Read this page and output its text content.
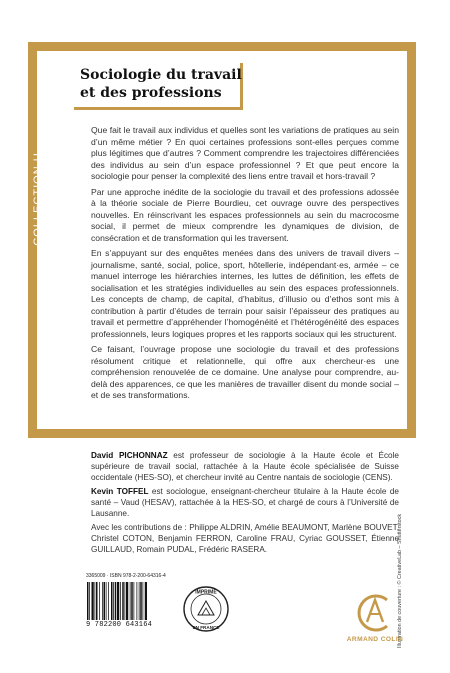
COLLECTION U
Sociologie du travail
et des professions

Que fait le travail aux individus et quelles sont les variations de pratiques au sein d’un même métier ? En quoi certaines professions sont-elles perçues comme plus légitimes que d’autres ? Comment comprendre les trajectoires différenciées des individus au sein d’un espace professionnel ? Et que peut encore la sociologie pour penser la complexité des liens entre travail et hors-travail ?

Par une approche inédite de la sociologie du travail et des professions adossée à la théorie sociale de Pierre Bourdieu, cet ouvrage ouvre des perspectives nouvelles. En réinscrivant les espaces professionnels au sein du macrocosme social, il permet de mieux comprendre les dynamiques de division, de consécration et de transformation qui les traversent.

En s’appuyant sur des enquêtes menées dans des univers de travail divers – journalisme, santé, social, police, sport, hôtellerie, indépendant·es, armée – ce manuel interroge les hiérarchies internes, les luttes de définition, les effets de socialisation et les stratégies individuelles au sein des espaces professionnels. Les concepts de champ, de capital, d’habitus, d’illusio ou d’ethos sont mis à contribution à partir d’études de terrain pour saisir l’épaisseur des pratiques au travail et permettre d’appréhender l’homogénéité et l’hétérogénéité des espaces professionnels, leurs logiques propres et les rapports sociaux qui les structurent.

Ce faisant, l’ouvrage propose une sociologie du travail et des professions résolument critique et relationnelle, qui offre aux chercheur·es une compréhension renouvelée de ce domaine. Une analyse pour comprendre, au-delà des apparences, ce que les manières de travailler disent du monde social – et de ses transformations.

David PICHONNAZ est professeur de sociologie à la Haute école et École supérieure de travail social, rattachée à la Haute école spécialisée de Suisse occidentale (HES-SO), et chercheur invité au Centre nantais de sociologie (CENS).

Kevin TOFFEL est sociologue, enseignant-chercheur titulaire à la Haute école de santé – Vaud (HESAV), rattachée à la HES-SO, et chargé de cours à l’Université de Lausanne.

Avec les contributions de : Philippe ALDRIN, Amélie BEAUMONT, Marlène BOUVET, Christel COTON, Benjamin FERRON, Caroline FRAU, Cyriac GOUSSET, Étienne GUILLAUD, Romain PUDAL, Frédéric RASERA.	Illustration de couverture : © CreativeLab – Shutterstock
3365009 · ISBN 978-2-200-64316-4
9 782200 643164
IMPRIMÉ
EN FRANCE
ARMAND COLIN
